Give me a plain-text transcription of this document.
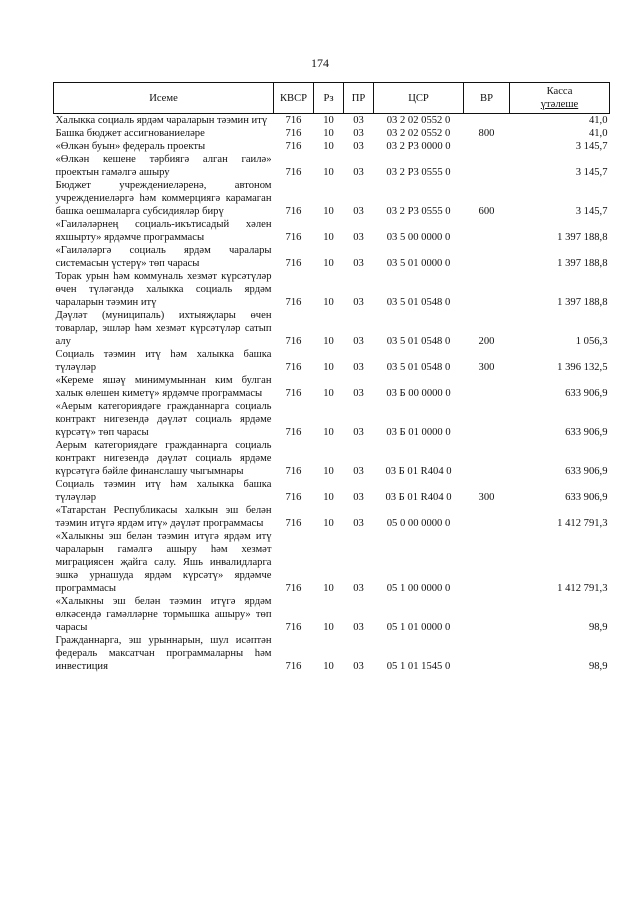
174
Исеме	КВСР	Рз	ПР	ЦСР	ВР	Касса
үтәлеше

Халыкка социаль ярдәм чараларын тәэмин итү	716	10	03	03 2 02 0552 0		41,0
Башка бюджет ассигнованиеләре	716	10	03	03 2 02 0552 0	800	41,0
«Өлкән буын» федераль проекты	716	10	03	03 2 P3 0000 0		3 145,7
«Өлкән кешене тәрбиягә алган гаилә» проектын гамәлгә ашыру	716	10	03	03 2 P3 0555 0		3 145,7
Бюджет учреждениеләренә, автоном учреждениеләргә һәм коммерциягә карамаган башка оешмаларга субсидияләр бирү	716	10	03	03 2 P3 0555 0	600	3 145,7
«Гаиләләрнең социаль-икътисадый хәлен яхшырту» ярдәмче программасы	716	10	03	03 5 00 0000 0		1 397 188,8
«Гаиләләргә социаль ярдәм чаралары системасын үстерү» төп чарасы	716	10	03	03 5 01 0000 0		1 397 188,8
Торак урын һәм коммуналь хезмәт күрсәтүләр өчен түләгәндә халыкка социаль ярдәм чараларын тәэмин итү	716	10	03	03 5 01 0548 0		1 397 188,8
Дәүләт (муниципаль) ихтыяҗлары өчен товарлар, эшләр һәм хезмәт күрсәтүләр сатып алу	716	10	03	03 5 01 0548 0	200	1 056,3
Социаль тәэмин итү һәм халыкка башка түләүләр	716	10	03	03 5 01 0548 0	300	1 396 132,5
«Кереме яшәү минимумыннан ким булган халык өлешен киметү» ярдәмче программасы	716	10	03	03 Б 00 0000 0		633 906,9
«Аерым категориядәге гражданнарга социаль контракт нигезендә дәүләт социаль ярдәме күрсәтү» төп чарасы	716	10	03	03 Б 01 0000 0		633 906,9
Аерым категориядәге гражданнарга социаль контракт нигезендә дәүләт социаль ярдәме күрсәтүгә бәйле финанслашу чыгымнары	716	10	03	03 Б 01 R404 0		633 906,9
Социаль тәэмин итү һәм халыкка башка түләүләр	716	10	03	03 Б 01 R404 0	300	633 906,9
«Татарстан Республикасы халкын эш белән тәэмин итүгә ярдәм итү» дәүләт программасы	716	10	03	05 0 00 0000 0		1 412 791,3
«Халыкны эш белән тәэмин итүгә ярдәм итү чараларын гамәлгә ашыру һәм хезмәт миграциясен җайга салу. Яшь инвалидларга эшкә урнашуда ярдәм күрсәтү» ярдәмче программасы	716	10	03	05 1 00 0000 0		1 412 791,3
«Халыкны эш белән тәэмин итүгә ярдәм өлкәсендә гамәлләрне тормышка ашыру» төп чарасы	716	10	03	05 1 01 0000 0		98,9
Гражданнарга, эш урыннарын, шул исәптән федераль максатчан программаларны һәм инвестиция	716	10	03	05 1 01 1545 0		98,9
